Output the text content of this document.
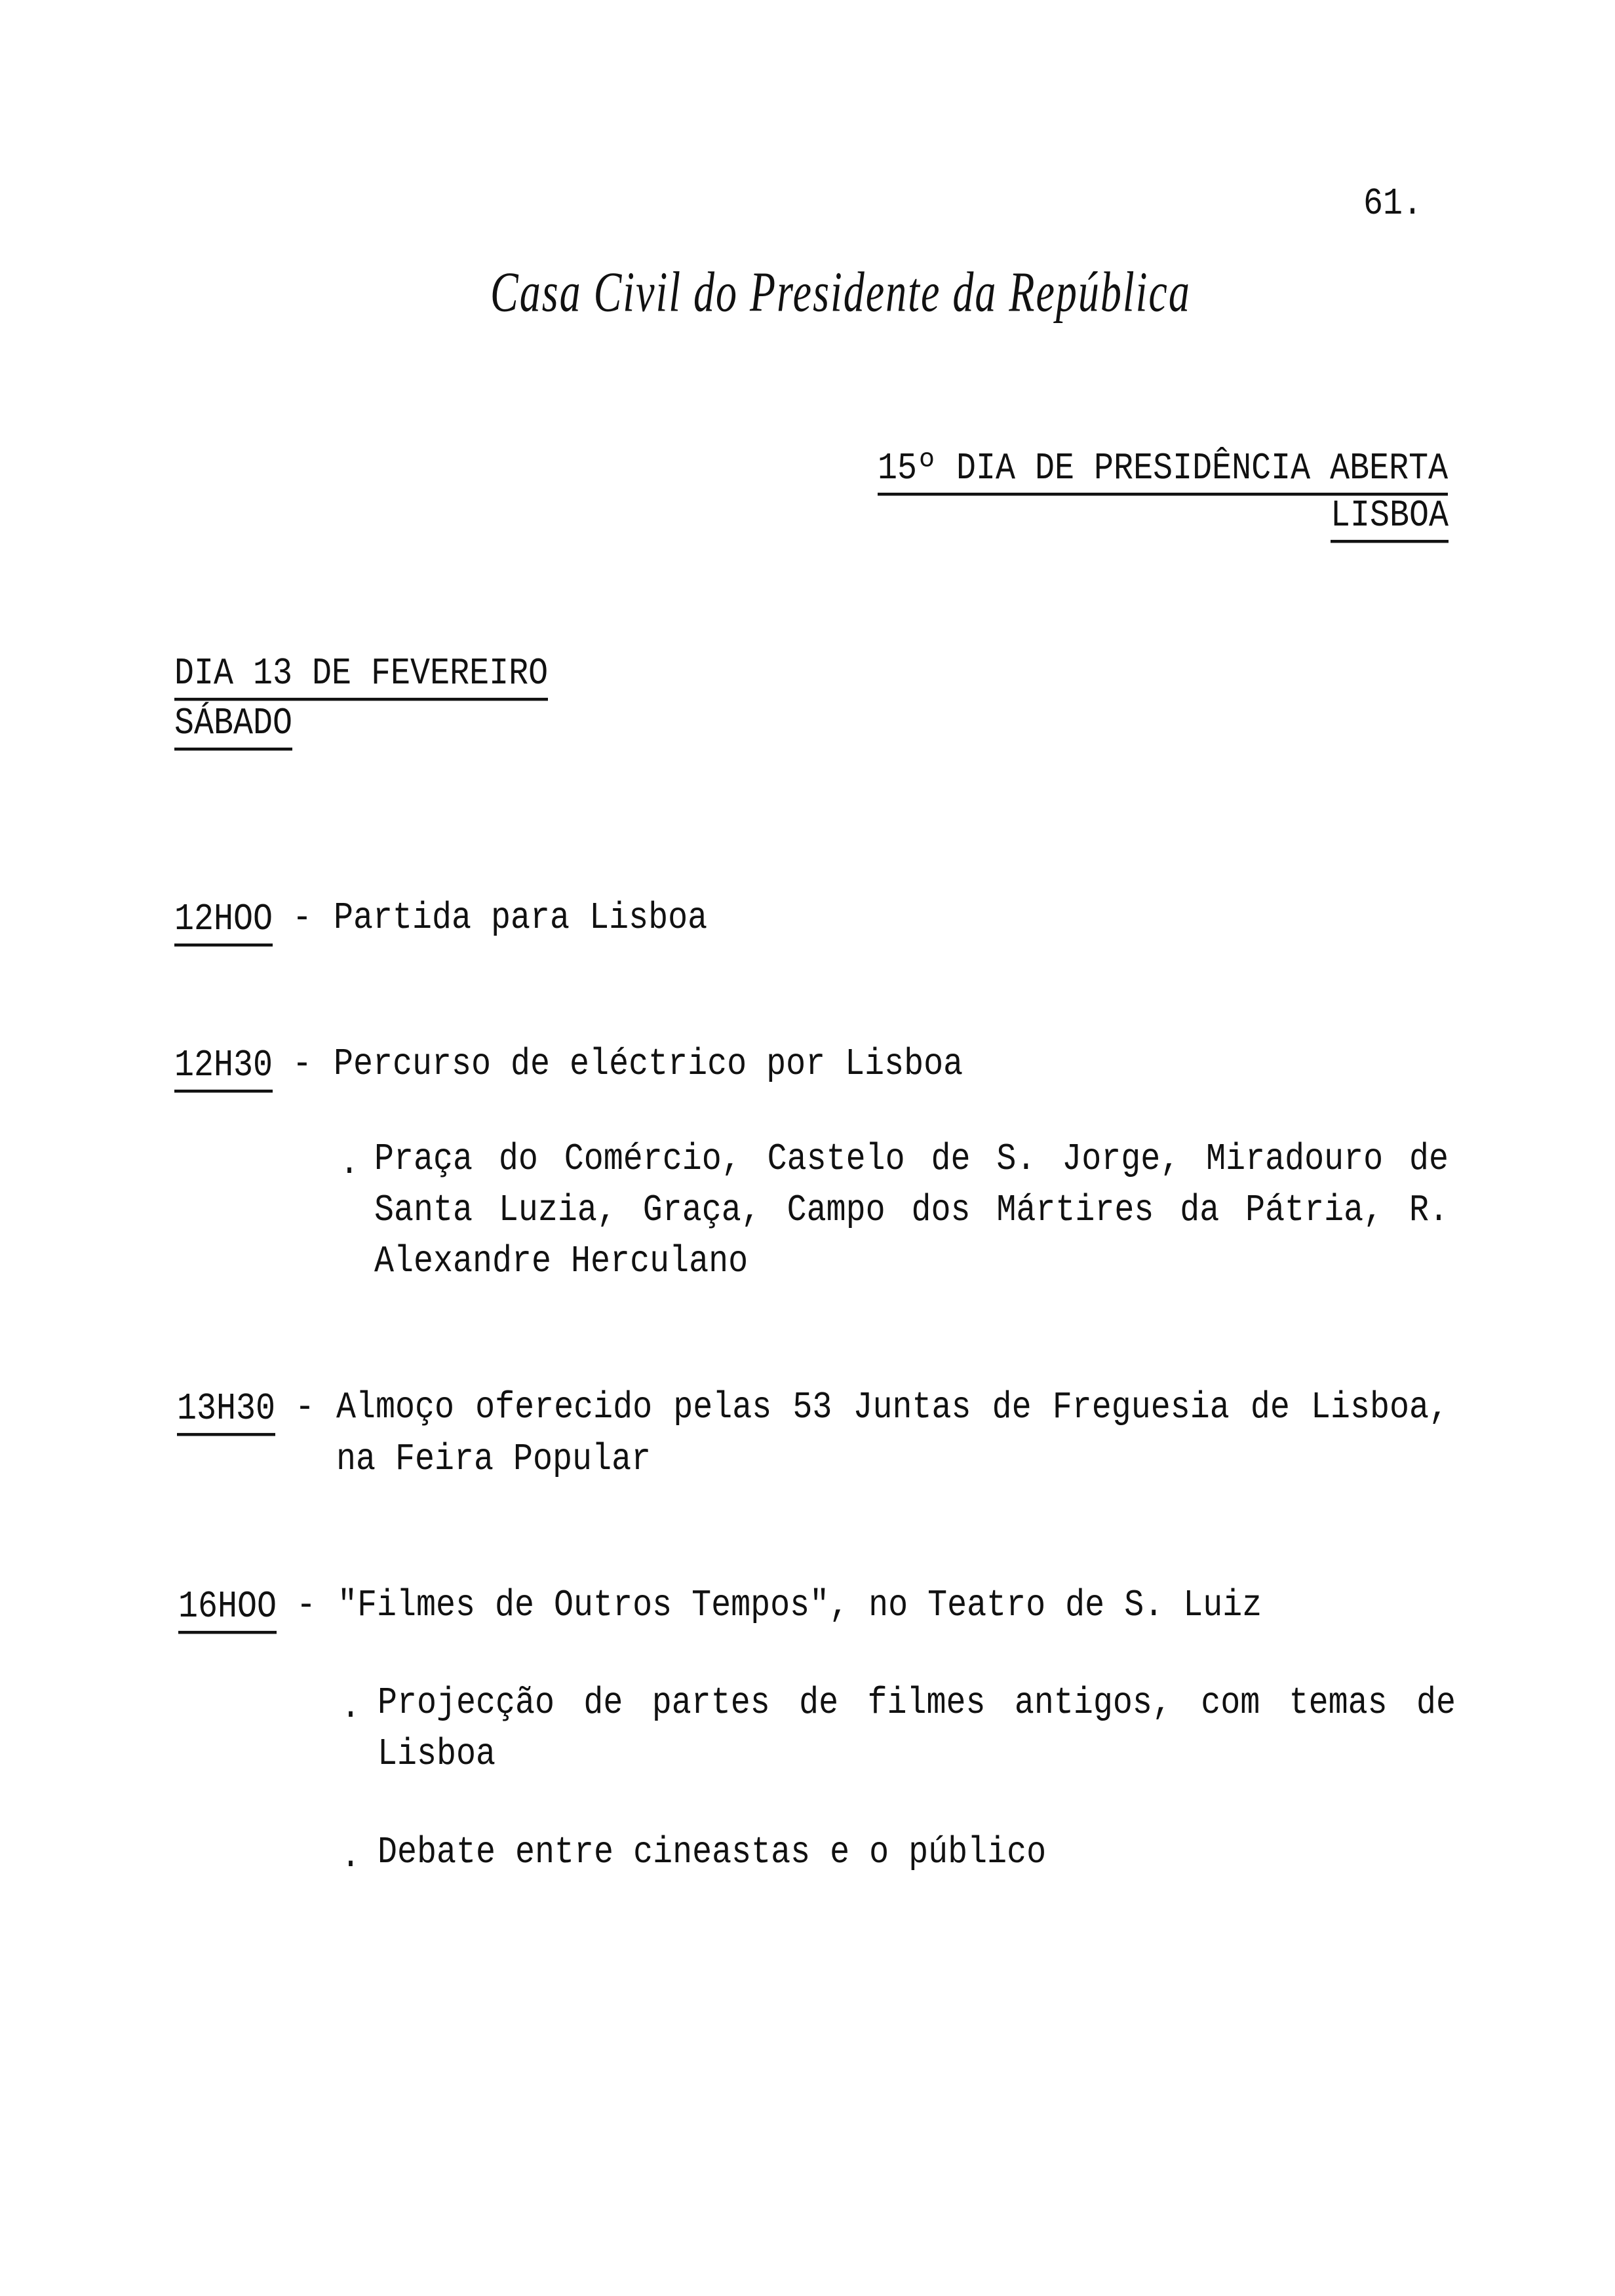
61.
Casa Civil do Presidente da República
15º DIA DE PRESIDÊNCIA ABERTA
LISBOA
DIA 13 DE FEVEREIRO
SÁBADO
12HOO - Partida para Lisboa
12H30 - Percurso de eléctrico por Lisboa
. Praça do Comércio, Castelo de S. Jorge, Miradouro de
Santa Luzia, Graça, Campo dos Mártires da Pátria, R.
Alexandre Herculano
13H30 - Almoço oferecido pelas 53 Juntas de Freguesia de Lisboa,
na Feira Popular
16HOO - "Filmes de Outros Tempos", no Teatro de S. Luiz
. Projecção de partes de filmes antigos, com temas de
Lisboa
. Debate entre cineastas e o público
